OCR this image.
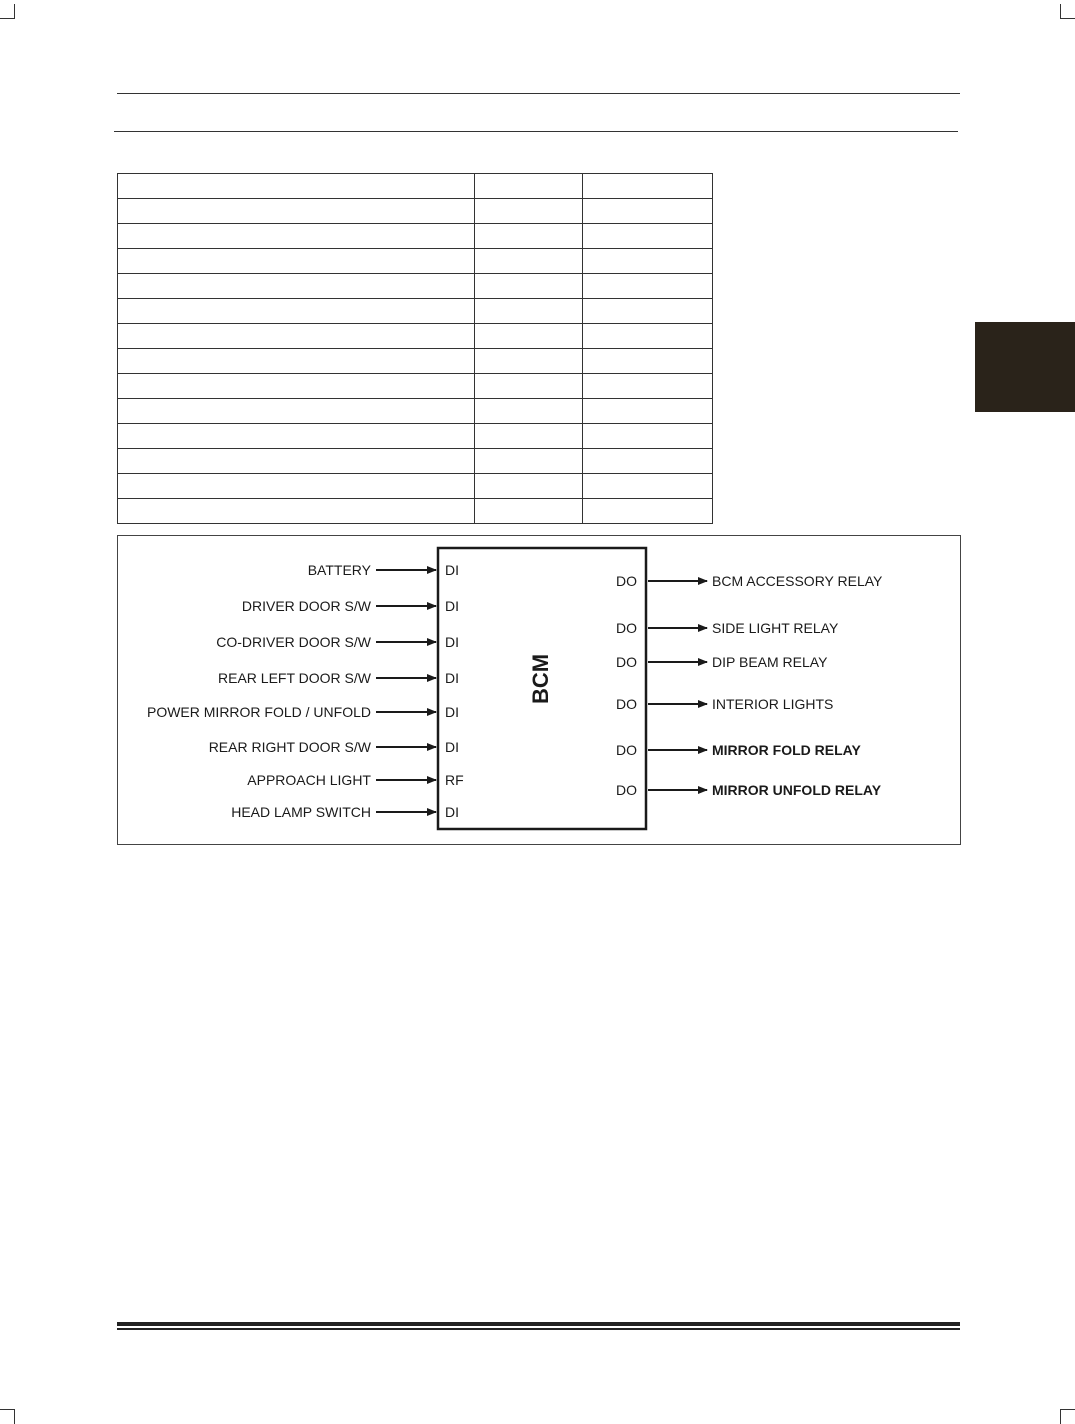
BCM
BATTERY	DI
DRIVER DOOR S/W	DI
CO-DRIVER DOOR S/W	DI
REAR LEFT DOOR S/W	DI
POWER MIRROR FOLD / UNFOLD	DI
REAR RIGHT DOOR S/W	DI
APPROACH LIGHT	RF
HEAD LAMP SWITCH	DI
DO	BCM ACCESSORY RELAY
DO	SIDE LIGHT RELAY
DO	DIP BEAM RELAY
DO	INTERIOR LIGHTS
DO	MIRROR FOLD RELAY
DO	MIRROR UNFOLD RELAY
